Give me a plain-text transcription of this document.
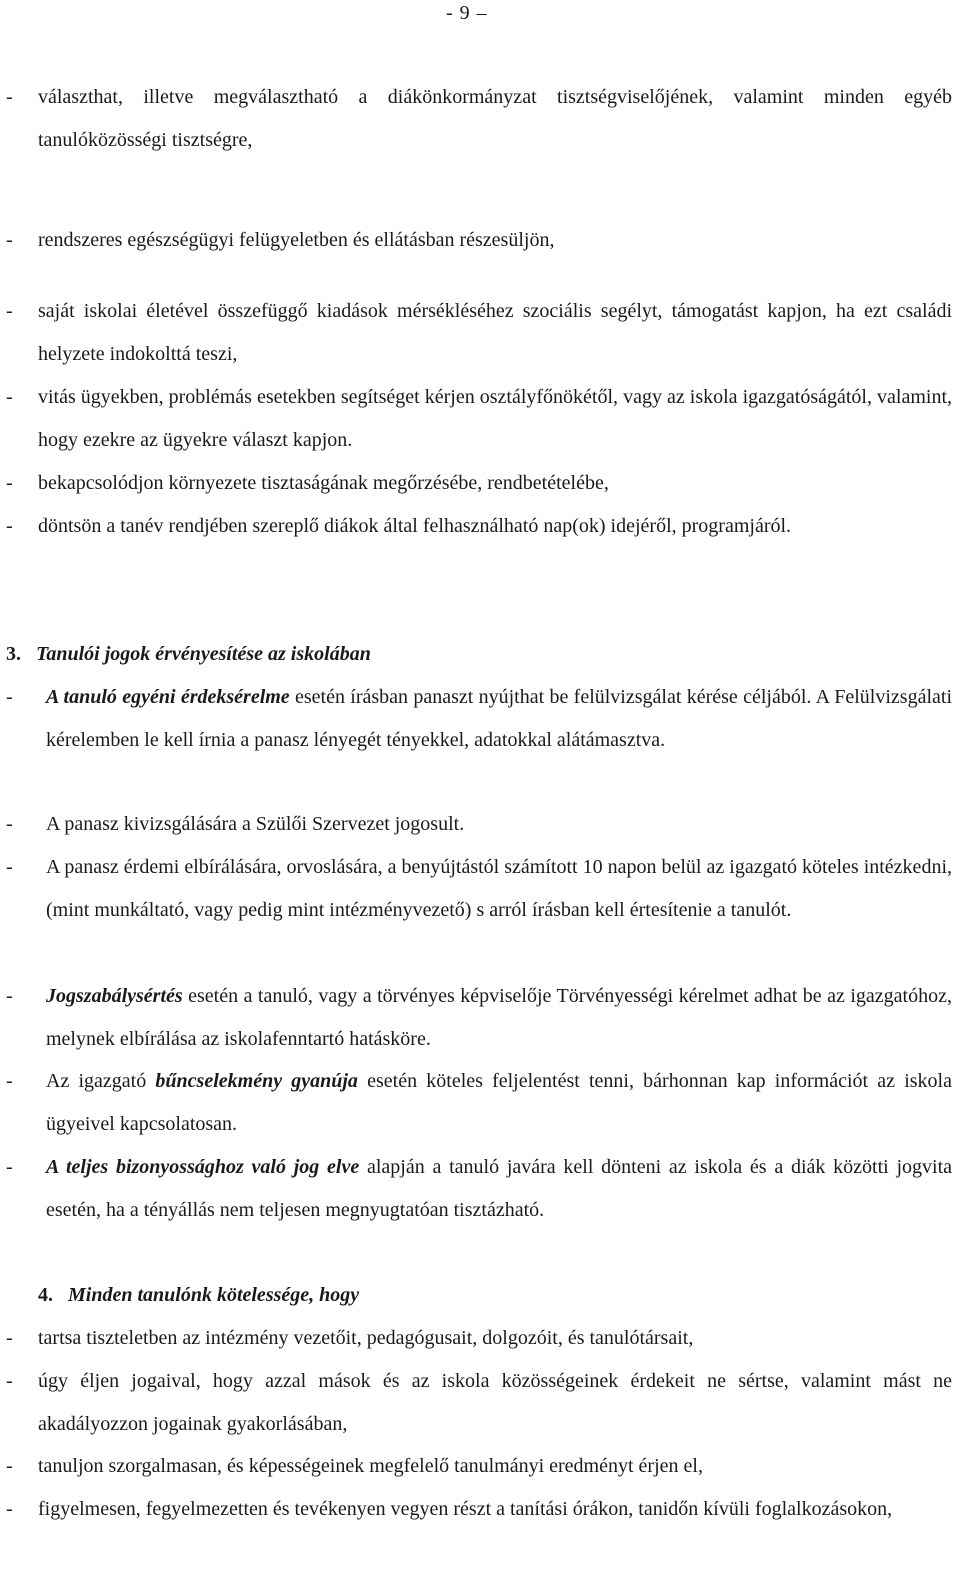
- 9 –
- választhat, illetve megválasztható a diákönkormányzat tisztségviselőjének, valamint minden egyéb tanulóközösségi tisztségre,
- rendszeres egészségügyi felügyeletben és ellátásban részesüljön,
- saját iskolai életével összefüggő kiadások mérsékléséhez szociális segélyt, támogatást kapjon, ha ezt családi helyzete indokolttá teszi,
- vitás ügyekben, problémás esetekben segítséget kérjen osztályfőnökétől, vagy az iskola igazgatóságától, valamint, hogy ezekre az ügyekre választ kapjon.
- bekapcsolódjon környezete tisztaságának megőrzésébe, rendbetételébe,
- döntsön a tanév rendjében szereplő diákok által felhasználható nap(ok) idejéről, programjáról.
3. Tanulói jogok érvényesítése az iskolában
- A tanuló egyéni érdeksérelme esetén írásban panaszt nyújthat be felülvizsgálat kérése céljából. A Felülvizsgálati kérelemben le kell írnia a panasz lényegét tényekkel, adatokkal alátámasztva.
- A panasz kivizsgálására a Szülői Szervezet jogosult.
- A panasz érdemi elbírálására, orvoslására, a benyújtástól számított 10 napon belül az igazgató köteles intézkedni, (mint munkáltató, vagy pedig mint intézményvezető) s arról írásban kell értesítenie a tanulót.
- Jogszabálysértés esetén a tanuló, vagy a törvényes képviselője Törvényességi kérelmet adhat be az igazgatóhoz, melynek elbírálása az iskolafenntartó hatásköre.
- Az igazgató bűncselekmény gyanúja esetén köteles feljelentést tenni, bárhonnan kap információt az iskola ügyeivel kapcsolatosan.
- A teljes bizonyossághoz való jog elve alapján a tanuló javára kell dönteni az iskola és a diák közötti jogvita esetén, ha a tényállás nem teljesen megnyugtatóan tisztázható.
4. Minden tanulónk kötelessége, hogy
- tartsa tiszteletben az intézmény vezetőit, pedagógusait, dolgozóit, és tanulótársait,
- úgy éljen jogaival, hogy azzal mások és az iskola közösségeinek érdekeit ne sértse, valamint mást ne akadályozzon jogainak gyakorlásában,
- tanuljon szorgalmasan, és képességeinek megfelelő tanulmányi eredményt érjen el,
- figyelmesen, fegyelmezetten és tevékenyen vegyen részt a tanítási órákon, tanidőn kívüli foglalkozásokon,
